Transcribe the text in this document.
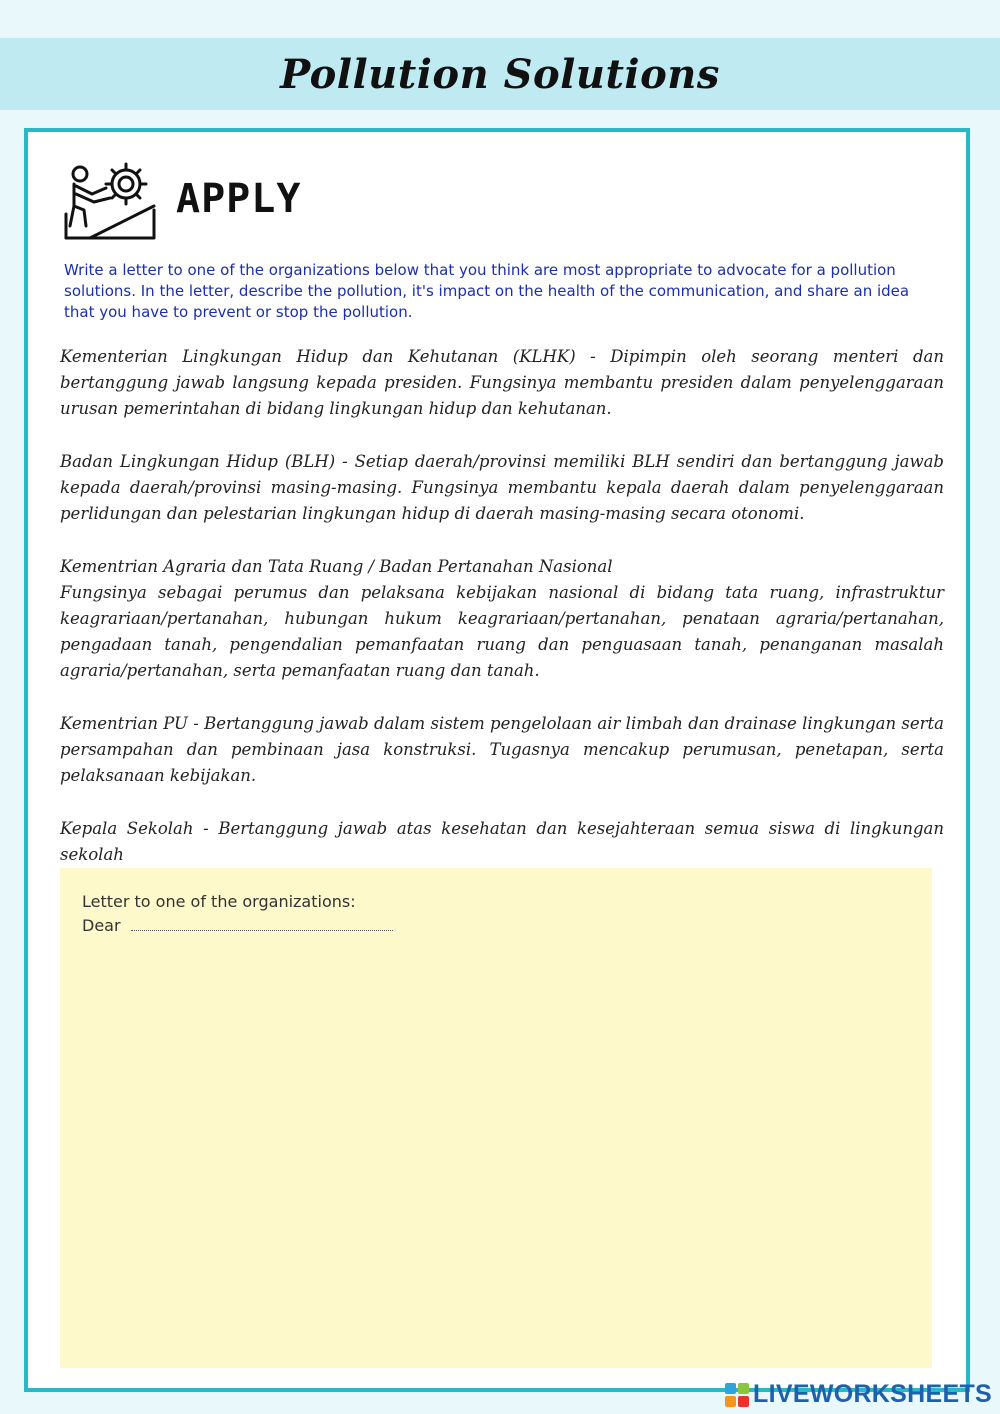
Pollution Solutions
APPLY

Write a letter to one of the organizations below that you think are most appropriate to advocate for a pollution solutions. In the letter, describe the pollution, it's impact on the health of the communication, and share an idea that you have to prevent or stop the pollution.

Kementerian Lingkungan Hidup dan Kehutanan (KLHK) - Dipimpin oleh seorang menteri dan bertanggung jawab langsung kepada presiden. Fungsinya membantu presiden dalam penyelenggaraan urusan pemerintahan di bidang lingkungan hidup dan kehutanan.

Badan Lingkungan Hidup (BLH) - Setiap daerah/provinsi memiliki BLH sendiri dan bertanggung jawab kepada daerah/provinsi masing-masing. Fungsinya membantu kepala daerah dalam penyelenggaraan perlidungan dan pelestarian lingkungan hidup di daerah masing-masing secara otonomi.

Kementrian Agraria dan Tata Ruang / Badan Pertanahan Nasional
Fungsinya sebagai perumus dan pelaksana kebijakan nasional di bidang tata ruang, infrastruktur keagrariaan/pertanahan, hubungan hukum keagrariaan/pertanahan, penataan agraria/pertanahan, pengadaan tanah, pengendalian pemanfaatan ruang dan penguasaan tanah, penanganan masalah agraria/pertanahan, serta pemanfaatan ruang dan tanah.

Kementrian PU - Bertanggung jawab dalam sistem pengelolaan air limbah dan drainase lingkungan serta persampahan dan pembinaan jasa konstruksi. Tugasnya mencakup perumusan, penetapan, serta pelaksanaan kebijakan.

Kepala Sekolah - Bertanggung jawab atas kesehatan dan kesejahteraan semua siswa di lingkungan sekolah

Letter to one of the organizations:

Dear
LIVEWORKSHEETS
